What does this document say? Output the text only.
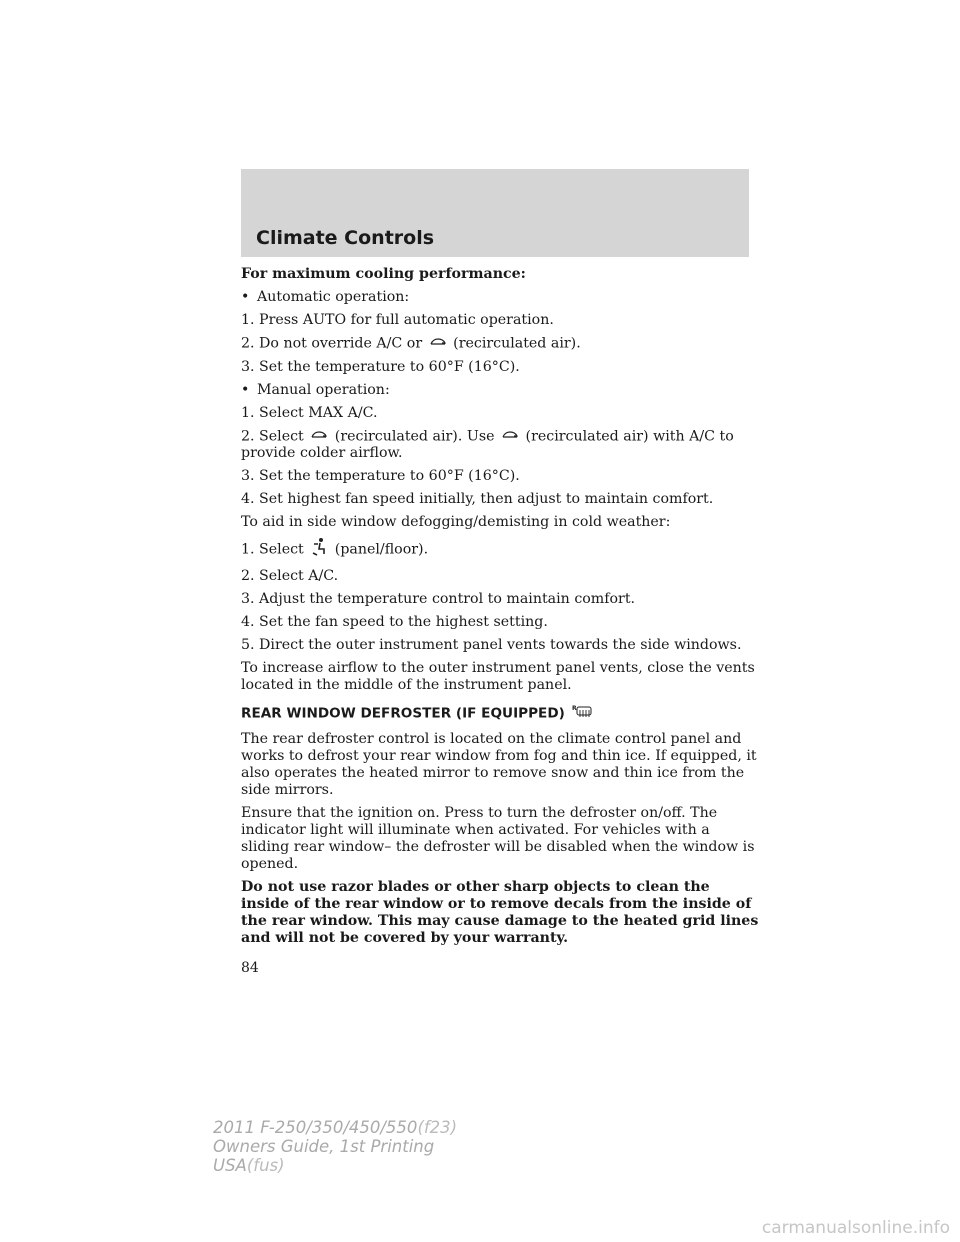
Climate Controls

For maximum cooling performance:

• Automatic operation:

1. Press AUTO for full automatic operation.

2. Do not override A/C or (recirculated air).

3. Set the temperature to 60°F (16°C).

• Manual operation:

1. Select MAX A/C.

2. Select (recirculated air). Use (recirculated air) with A/C to

provide colder airflow.

3. Set the temperature to 60°F (16°C).

4. Set highest fan speed initially, then adjust to maintain comfort.

To aid in side window defogging/demisting in cold weather:

1. Select (panel/floor).

2. Select A/C.

3. Adjust the temperature control to maintain comfort.

4. Set the fan speed to the highest setting.

5. Direct the outer instrument panel vents towards the side windows.

To increase airflow to the outer instrument panel vents, close the vents located in the middle of the instrument panel.

REAR WINDOW DEFROSTER (IF EQUIPPED) R

The rear defroster control is located on the climate control panel and works to defrost your rear window from fog and thin ice. If equipped, it also operates the heated mirror to remove snow and thin ice from the side mirrors.

Ensure that the ignition on. Press to turn the defroster on/off. The indicator light will illuminate when activated. For vehicles with a sliding rear window– the defroster will be disabled when the window is opened.

Do not use razor blades or other sharp objects to clean the inside of the rear window or to remove decals from the inside of the rear window. This may cause damage to the heated grid lines and will not be covered by your warranty.

84
2011 F-250/350/450/550(f23)
Owners Guide, 1st Printing
USA(fus)
carmanualsonline.info
